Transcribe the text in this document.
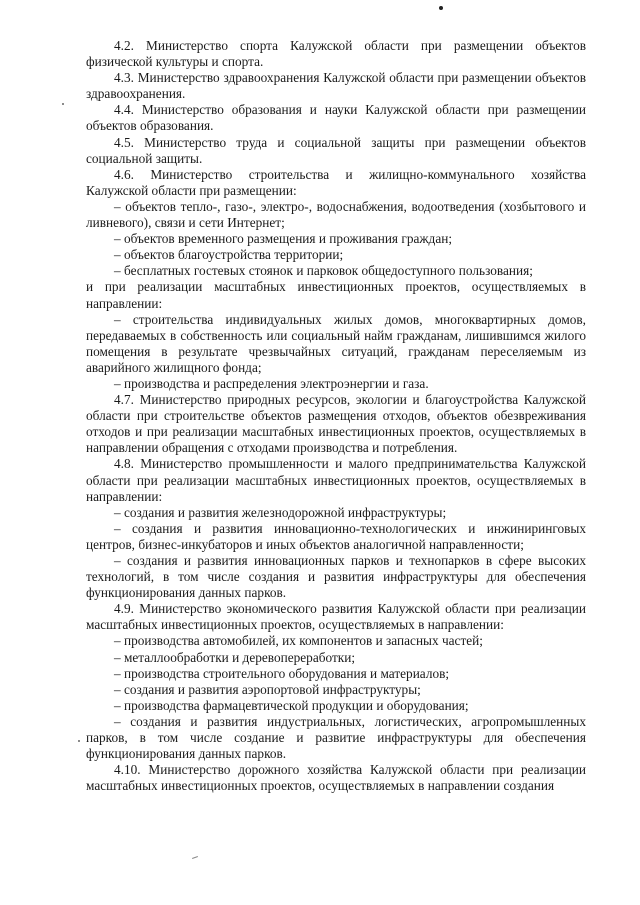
4.2. Министерство спорта Калужской области при размещении объектов физической культуры и спорта.

4.3. Министерство здравоохранения Калужской области при размещении объектов здравоохранения.

4.4. Министерство образования и науки Калужской области при размещении объектов образования.

4.5. Министерство труда и социальной защиты при размещении объектов социальной защиты.

4.6. Министерство строительства и жилищно-коммунального хозяйства Калужской области при размещении:

– объектов тепло-, газо-, электро-, водоснабжения, водоотведения (хозбытового и ливневого), связи и сети Интернет;

– объектов временного размещения и проживания граждан;

– объектов благоустройства территории;

– бесплатных гостевых стоянок и парковок общедоступного пользования;

и при реализации масштабных инвестиционных проектов, осуществляемых в направлении:

– строительства индивидуальных жилых домов, многоквартирных домов, передаваемых в собственность или социальный найм гражданам, лишившимся жилого помещения в результате чрезвычайных ситуаций, гражданам переселяемым из аварийного жилищного фонда;

– производства и распределения электроэнергии и газа.

4.7. Министерство природных ресурсов, экологии и благоустройства Калужской области при строительстве объектов размещения отходов, объектов обезвреживания отходов и при реализации масштабных инвестиционных проектов, осуществляемых в направлении обращения с отходами производства и потребления.

4.8. Министерство промышленности и малого предпринимательства Калужской области при реализации масштабных инвестиционных проектов, осуществляемых в направлении:

– создания и развития железнодорожной инфраструктуры;

– создания и развития инновационно-технологических и инжиниринговых центров, бизнес-инкубаторов и иных объектов аналогичной направленности;

– создания и развития инновационных парков и технопарков в сфере высоких технологий, в том числе создания и развития инфраструктуры для обеспечения функционирования данных парков.

4.9. Министерство экономического развития Калужской области при реализации масштабных инвестиционных проектов, осуществляемых в направлении:

– производства автомобилей, их компонентов и запасных частей;

– металлообработки и деревопереработки;

– производства строительного оборудования и материалов;

– создания и развития аэропортовой инфраструктуры;

– производства фармацевтической продукции и оборудования;

– создания и развития индустриальных, логистических, агропромышленных парков, в том числе создание и развитие инфраструктуры для обеспечения функционирования данных парков.

4.10. Министерство дорожного хозяйства Калужской области при реализации масштабных инвестиционных проектов, осуществляемых в направлении создания
